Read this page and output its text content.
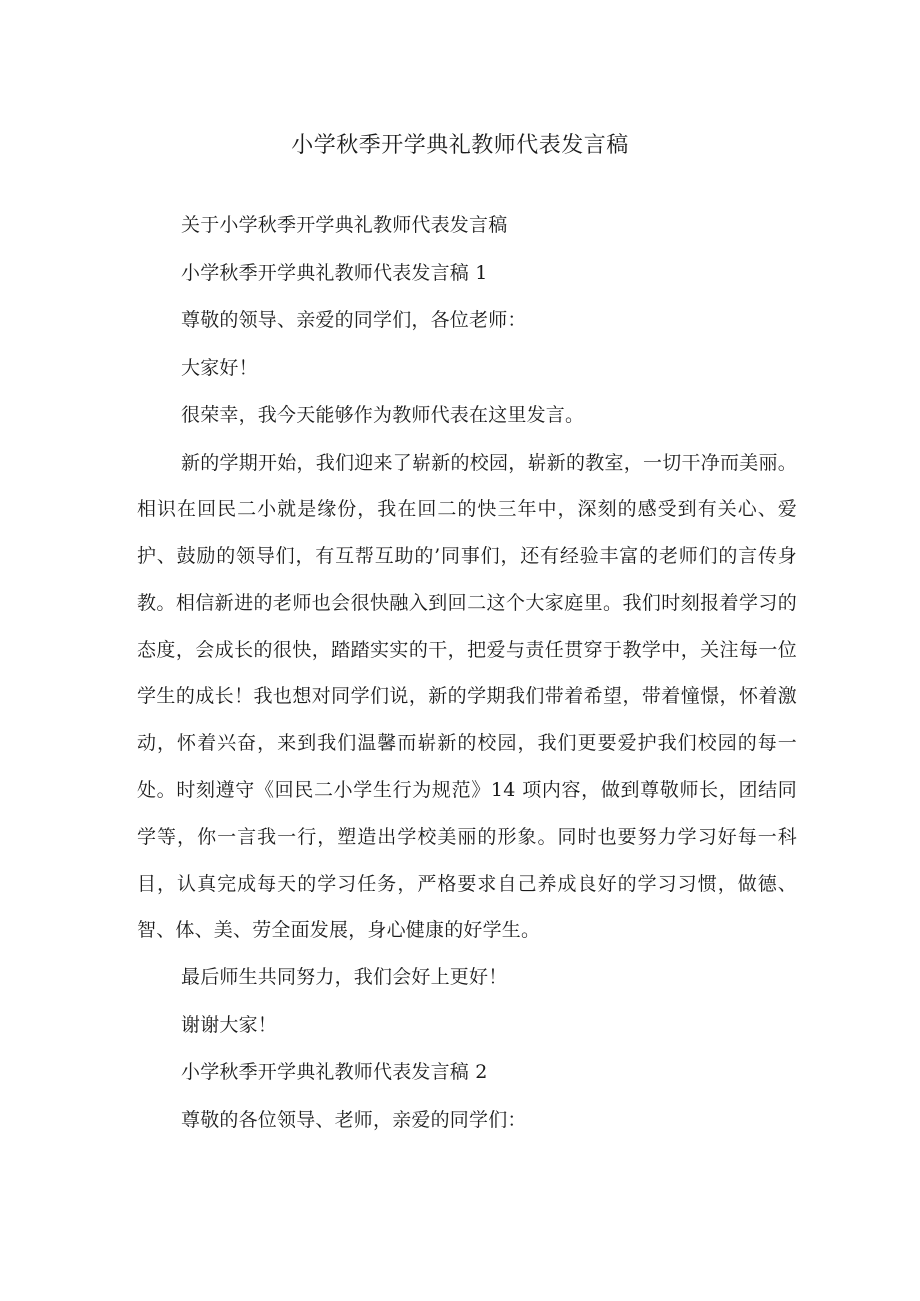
小学秋季开学典礼教师代表发言稿

关于小学秋季开学典礼教师代表发言稿

小学秋季开学典礼教师代表发言稿 1

尊敬的领导、亲爱的同学们，各位老师：

大家好！

很荣幸，我今天能够作为教师代表在这里发言。

新的学期开始，我们迎来了崭新的校园，崭新的教室，一切干净而美丽。相识在回民二小就是缘份，我在回二的快三年中，深刻的感受到有关心、爱护、鼓励的领导们，有互帮互助的’同事们，还有经验丰富的老师们的言传身教。相信新进的老师也会很快融入到回二这个大家庭里。我们时刻报着学习的态度，会成长的很快，踏踏实实的干，把爱与责任贯穿于教学中，关注每一位学生的成长！我也想对同学们说，新的学期我们带着希望，带着憧憬，怀着激动，怀着兴奋，来到我们温馨而崭新的校园，我们更要爱护我们校园的每一处。时刻遵守《回民二小学生行为规范》14 项内容，做到尊敬师长，团结同学等，你一言我一行，塑造出学校美丽的形象。同时也要努力学习好每一科目，认真完成每天的学习任务，严格要求自己养成良好的学习习惯，做德、智、体、美、劳全面发展，身心健康的好学生。

最后师生共同努力，我们会好上更好！

谢谢大家！

小学秋季开学典礼教师代表发言稿 2

尊敬的各位领导、老师，亲爱的同学们：
